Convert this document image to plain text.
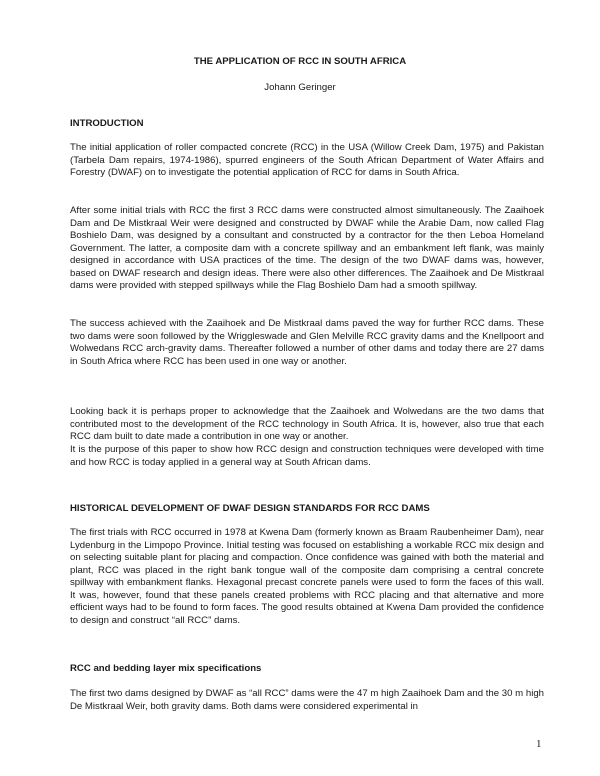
THE APPLICATION OF RCC IN SOUTH AFRICA

Johann Geringer

INTRODUCTION

The initial application of roller compacted concrete (RCC) in the USA (Willow Creek Dam, 1975) and Pakistan (Tarbela Dam repairs, 1974-1986), spurred engineers of the South African Department of Water Affairs and Forestry (DWAF) on to investigate the potential application of RCC for dams in South Africa.

After some initial trials with RCC the first 3 RCC dams were constructed almost simultaneously. The Zaaihoek Dam and De Mistkraal Weir were designed and constructed by DWAF while the Arabie Dam, now called Flag Boshielo Dam, was designed by a consultant and constructed by a contractor for the then Leboa Homeland Government. The latter, a composite dam with a concrete spillway and an embankment left flank, was mainly designed in accordance with USA practices of the time. The design of the two DWAF dams was, however, based on DWAF research and design ideas. There were also other differences. The Zaaihoek and De Mistkraal dams were provided with stepped spillways while the Flag Boshielo Dam had a smooth spillway.

The success achieved with the Zaaihoek and De Mistkraal dams paved the way for further RCC dams. These two dams were soon followed by the Wriggleswade and Glen Melville RCC gravity dams and the Knellpoort and Wolwedans RCC arch-gravity dams. Thereafter followed a number of other dams and today there are 27 dams in South Africa where RCC has been used in one way or another.

Looking back it is perhaps proper to acknowledge that the Zaaihoek and Wolwedans are the two dams that contributed most to the development of the RCC technology in South Africa. It is, however, also true that each RCC dam built to date made a contribution in one way or another.

It is the purpose of this paper to show how RCC design and construction techniques were developed with time and how RCC is today applied in a general way at South African dams.

HISTORICAL DEVELOPMENT OF DWAF DESIGN STANDARDS FOR RCC DAMS

The first trials with RCC occurred in 1978 at Kwena Dam (formerly known as Braam Raubenheimer Dam), near Lydenburg in the Limpopo Province. Initial testing was focused on establishing a workable RCC mix design and on selecting suitable plant for placing and compaction. Once confidence was gained with both the material and plant, RCC was placed in the right bank tongue wall of the composite dam comprising a central concrete spillway with embankment flanks. Hexagonal precast concrete panels were used to form the faces of this wall. It was, however, found that these panels created problems with RCC placing and that alternative and more efficient ways had to be found to form faces. The good results obtained at Kwena Dam provided the confidence to design and construct “all RCC” dams.

RCC and bedding layer mix specifications

The first two dams designed by DWAF as “all RCC” dams were the 47 m high Zaaihoek Dam and the 30 m high De Mistkraal Weir, both gravity dams. Both dams were considered experimental in

1
